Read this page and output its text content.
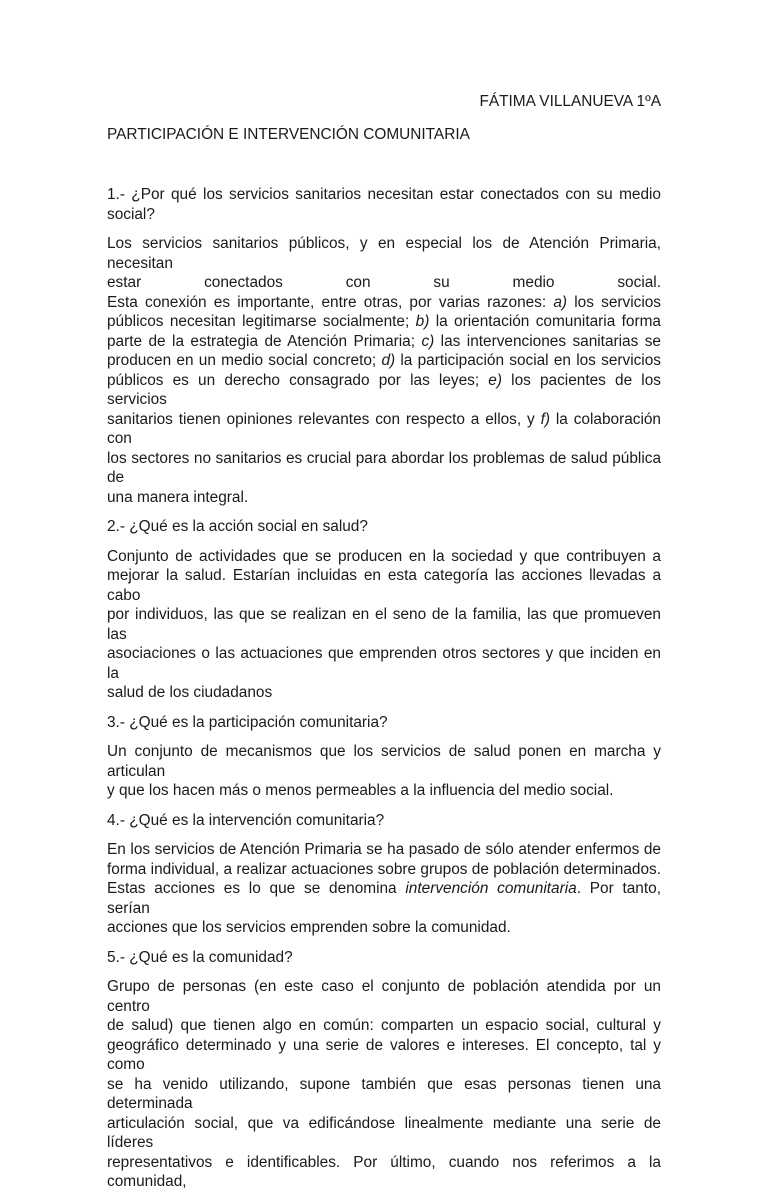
FÁTIMA VILLANUEVA 1ºA

PARTICIPACIÓN E INTERVENCIÓN COMUNITARIA

1.- ¿Por qué los servicios sanitarios necesitan estar conectados con su medio social?

Los servicios sanitarios públicos, y en especial los de Atención Primaria, necesitan
estar conectados con su medio social.
Esta conexión es importante, entre otras, por varias razones: a) los servicios
públicos necesitan legitimarse socialmente; b) la orientación comunitaria forma
parte de la estrategia de Atención Primaria; c) las intervenciones sanitarias se
producen en un medio social concreto; d) la participación social en los servicios
públicos es un derecho consagrado por las leyes; e) los pacientes de los servicios
sanitarios tienen opiniones relevantes con respecto a ellos, y f) la colaboración con
los sectores no sanitarios es crucial para abordar los problemas de salud pública de
una manera integral.

2.- ¿Qué es la acción social en salud?

Conjunto de actividades que se producen en la sociedad y que contribuyen a
mejorar la salud. Estarían incluidas en esta categoría las acciones llevadas a cabo
por individuos, las que se realizan en el seno de la familia, las que promueven las
asociaciones o las actuaciones que emprenden otros sectores y que inciden en la
salud de los ciudadanos

3.- ¿Qué es la participación comunitaria?

Un conjunto de mecanismos que los servicios de salud ponen en marcha y articulan
y que los hacen más o menos permeables a la influencia del medio social.

4.- ¿Qué es la intervención comunitaria?

En los servicios de Atención Primaria se ha pasado de sólo atender enfermos de
forma individual, a realizar actuaciones sobre grupos de población determinados.
Estas acciones es lo que se denomina intervención comunitaria. Por tanto, serían
acciones que los servicios emprenden sobre la comunidad.

5.- ¿Qué es la comunidad?

Grupo de personas (en este caso el conjunto de población atendida por un centro
de salud) que tienen algo en común: comparten un espacio social, cultural y
geográfico determinado y una serie de valores e intereses. El concepto, tal y como
se ha venido utilizando, supone también que esas personas tienen una determinada
articulación social, que va edificándose linealmente mediante una serie de líderes
representativos e identificables. Por último, cuando nos referimos a la comunidad,
